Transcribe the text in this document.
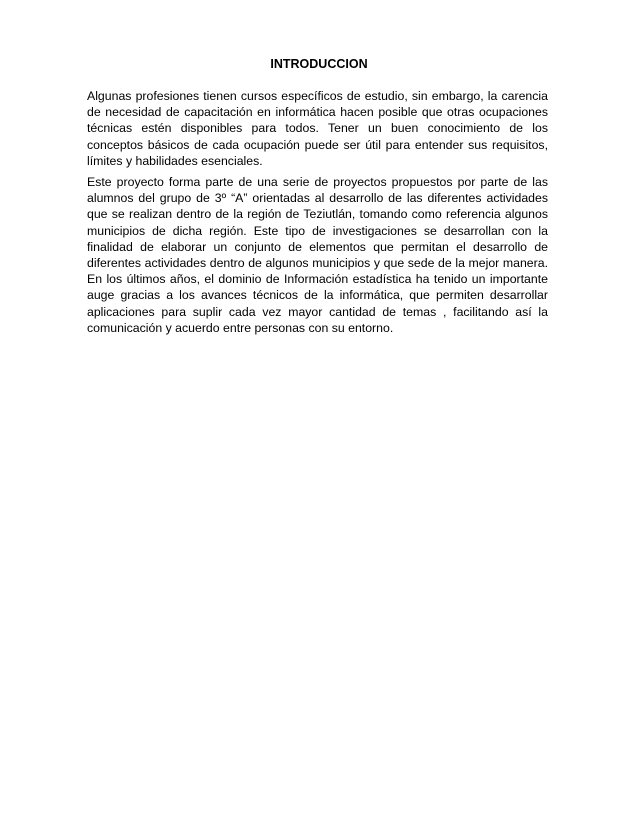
INTRODUCCION

Algunas profesiones tienen cursos específicos de estudio, sin embargo, la carencia de necesidad de capacitación en informática hacen posible que otras ocupaciones técnicas estén disponibles para todos. Tener un buen conocimiento de los conceptos básicos de cada ocupación puede ser útil para entender sus requisitos, límites y habilidades esenciales.

Este proyecto forma parte de una serie de proyectos propuestos por parte de las alumnos del grupo de 3º “A” orientadas al desarrollo de las diferentes actividades que se realizan dentro de la región de Teziutlán, tomando como referencia algunos municipios de dicha región. Este tipo de investigaciones se desarrollan con la finalidad de elaborar un conjunto de elementos que permitan el desarrollo de diferentes actividades dentro de algunos municipios y que sede de la mejor manera. En los últimos años, el dominio de Información estadística ha tenido un importante auge gracias a los avances técnicos de la informática, que permiten desarrollar aplicaciones para suplir cada vez mayor cantidad de temas , facilitando así la comunicación y acuerdo entre personas con su entorno.
